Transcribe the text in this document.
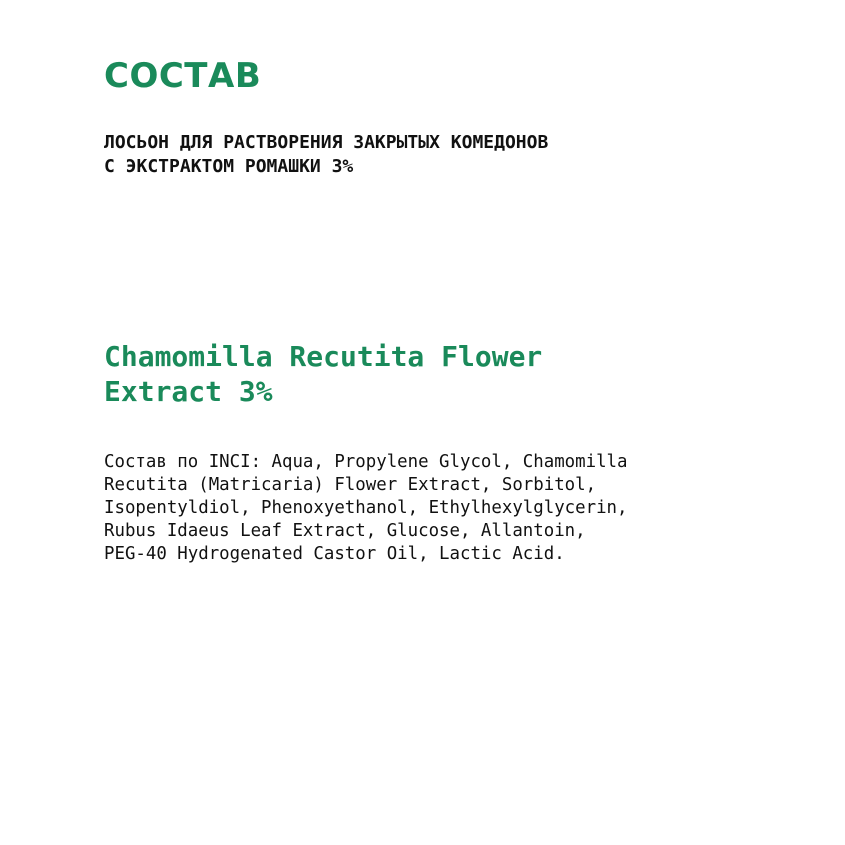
СОСТАВ
ЛОСЬОН ДЛЯ РАСТВОРЕНИЯ ЗАКРЫТЫХ КОМЕДОНОВ
С ЭКСТРАКТОМ РОМАШКИ 3%
Chamomilla Recutita Flower
Extract 3%
Состав по INCI: Aqua, Propylene Glycol, Chamomilla
Recutita (Matricaria) Flower Extract, Sorbitol,
Isopentyldiol, Phenoxyethanol, Ethylhexylglycerin,
Rubus Idaeus Leaf Extract, Glucose, Allantoin,
PEG-40 Hydrogenated Castor Oil, Lactic Acid.
